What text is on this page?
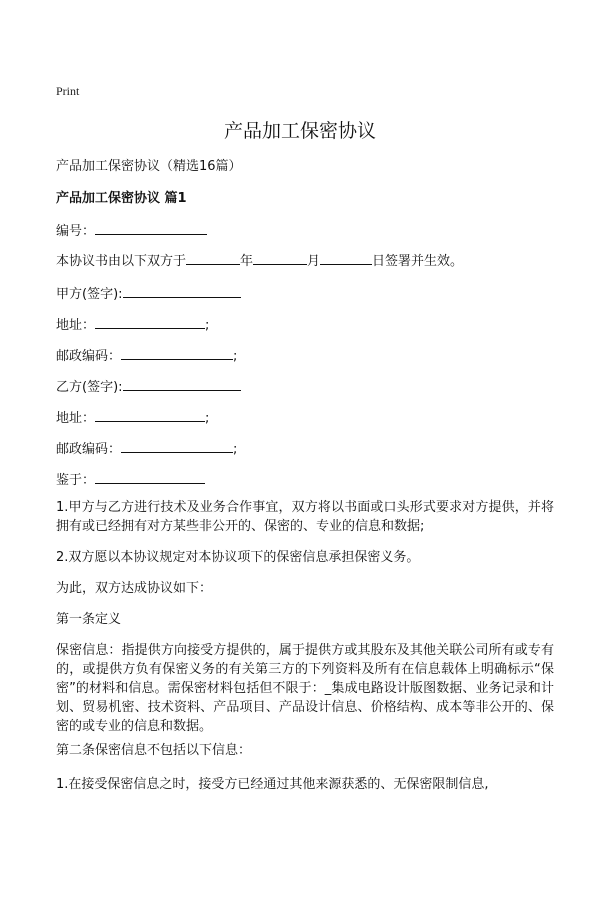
Print
产品加工保密协议
产品加工保密协议（精选16篇）
产品加工保密协议 篇1
编号：
本协议书由以下双方于	年	月	日签署并生效。
甲方(签字):
地址：	;
邮政编码：	;
乙方(签字):
地址：	;
邮政编码：	;
鉴于：
1.甲方与乙方进行技术及业务合作事宜，双方将以书面或口头形式要求对方提供，并将拥有或已经拥有对方某些非公开的、保密的、专业的信息和数据;
2.双方愿以本协议规定对本协议项下的保密信息承担保密义务。
为此，双方达成协议如下：
第一条定义
保密信息：指提供方向接受方提供的，属于提供方或其股东及其他关联公司所有或专有的，或提供方负有保密义务的有关第三方的下列资料及所有在信息载体上明确标示“保密”的材料和信息。需保密材料包括但不限于：_集成电路设计版图数据、业务记录和计划、贸易机密、技术资料、产品项目、产品设计信息、价格结构、成本等非公开的、保密的或专业的信息和数据。
第二条保密信息不包括以下信息：
1.在接受保密信息之时，接受方已经通过其他来源获悉的、无保密限制信息,
